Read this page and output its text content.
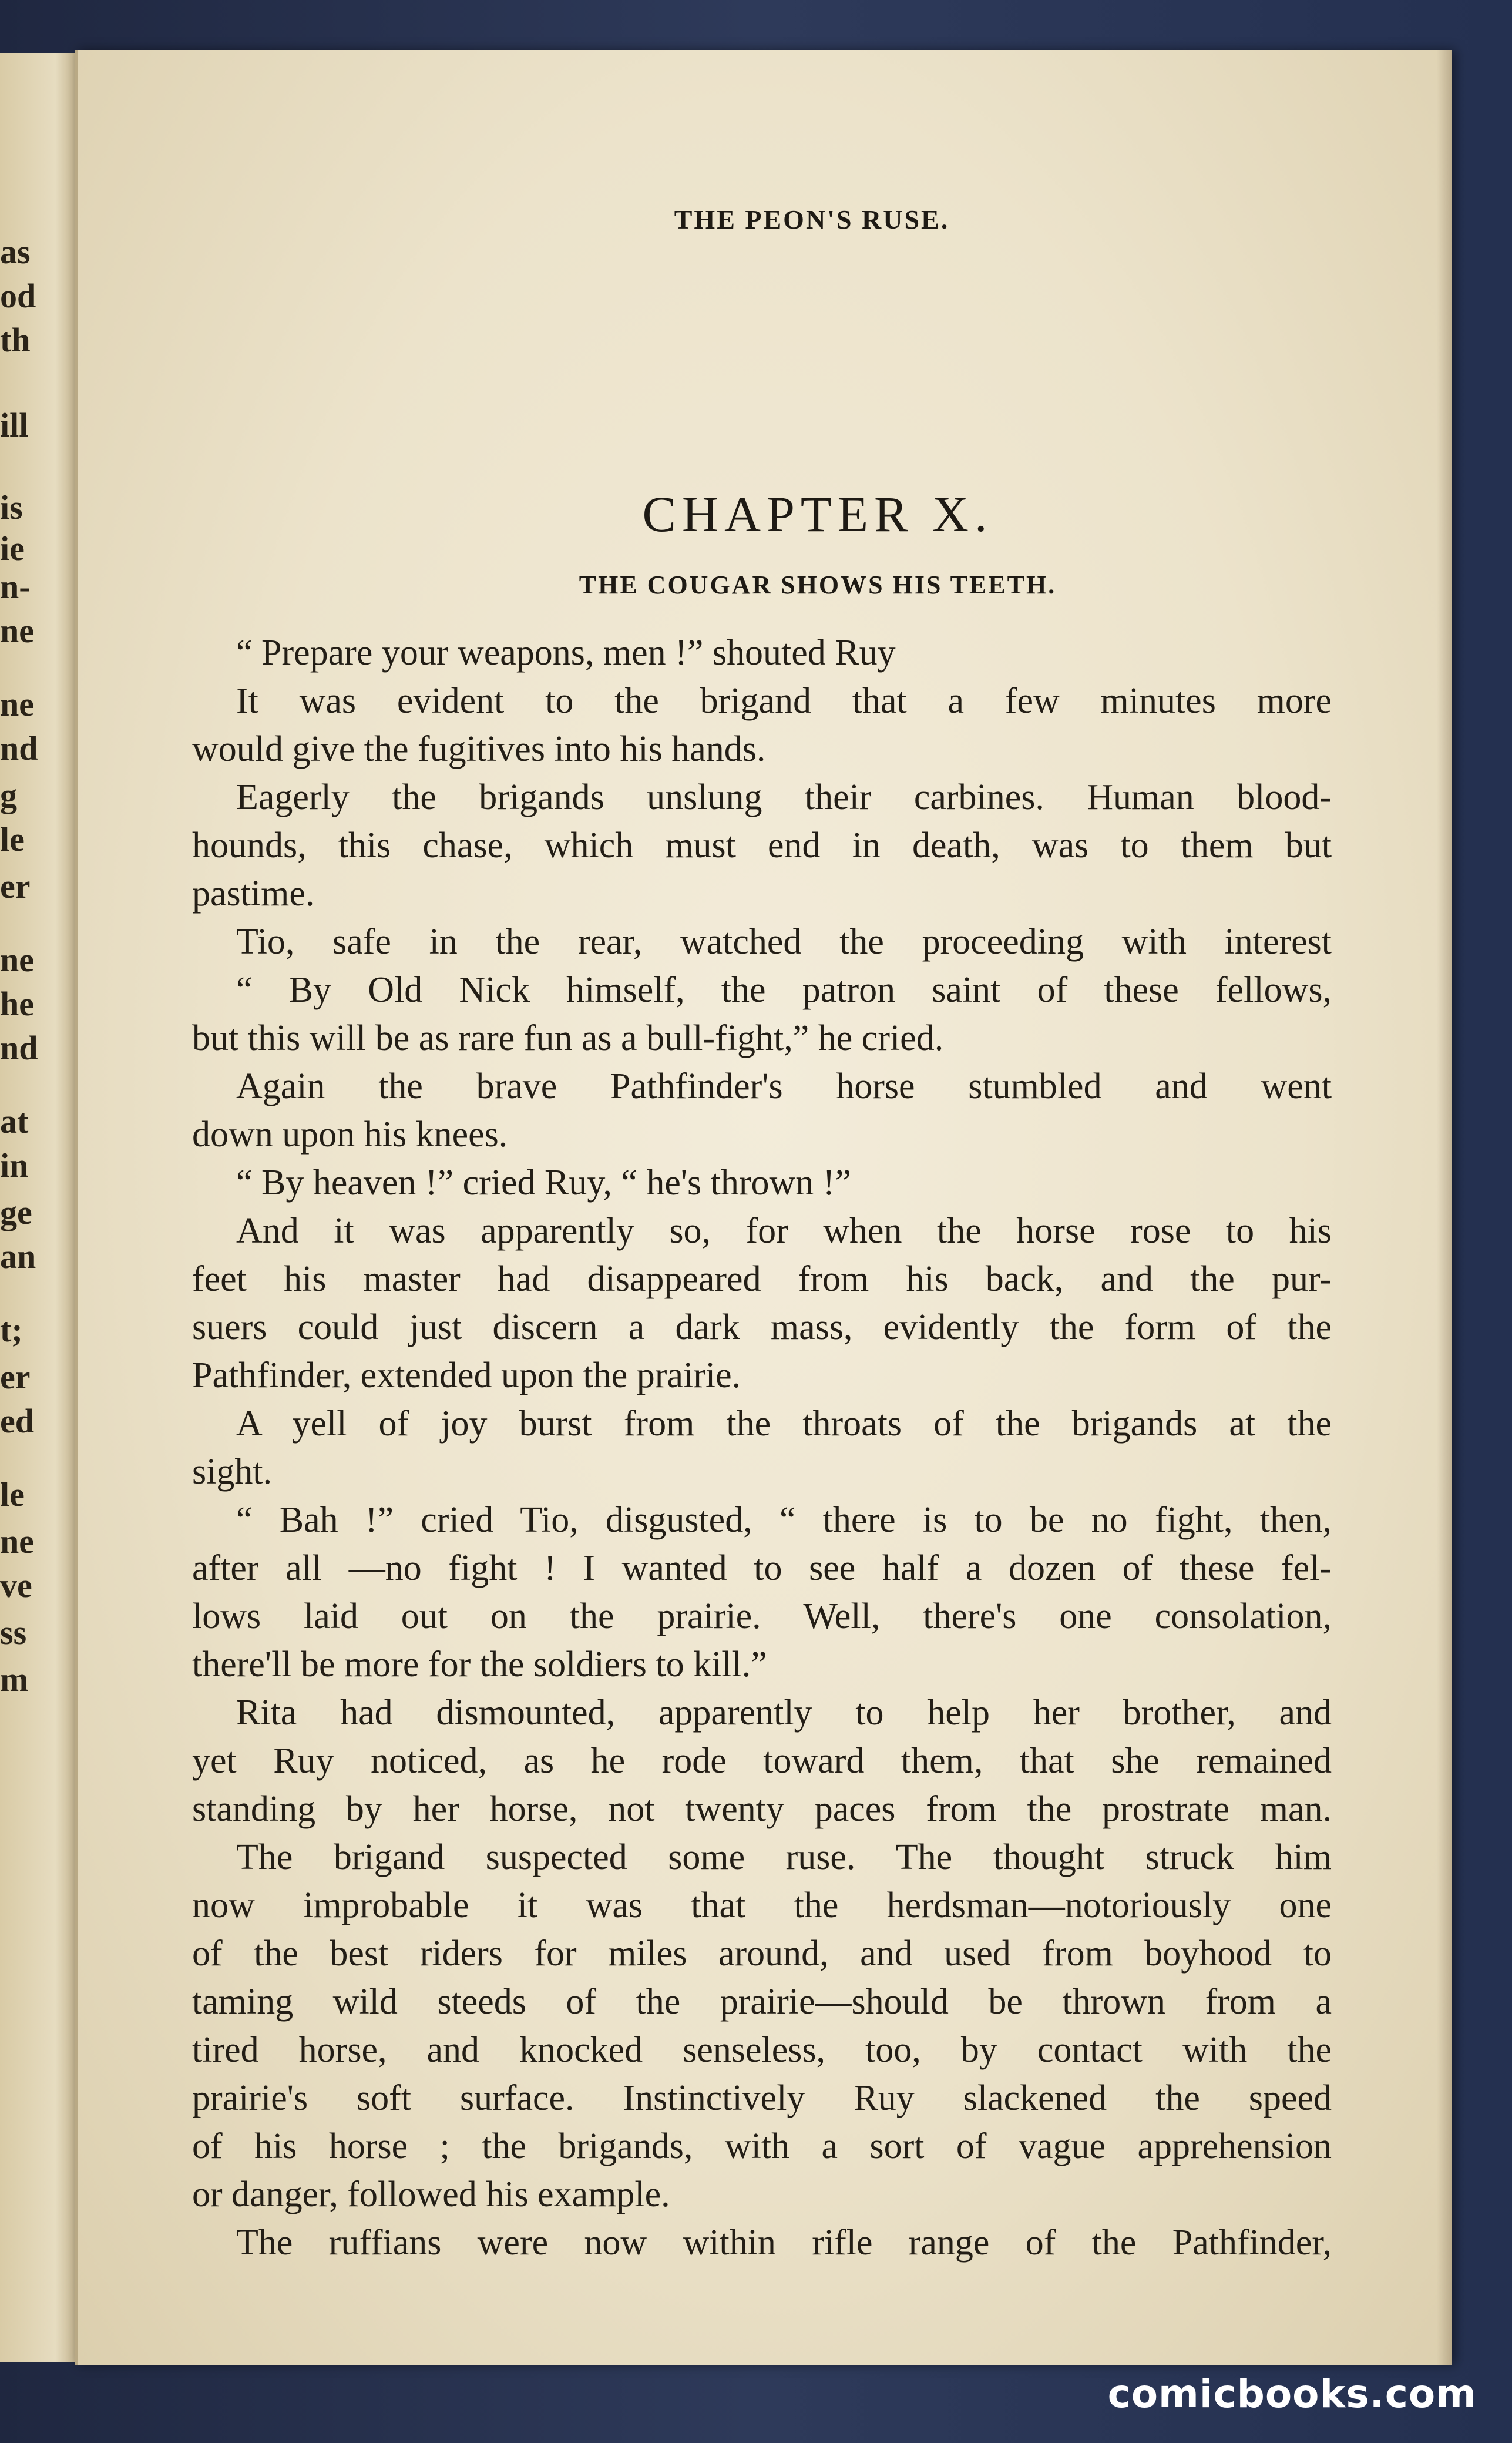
as
od
th
ill
is
ie
n-
ne
ne
nd
g
le
er
ne
he
nd
at
in
ge
an
t;
er
ed
le
ne
ve
ss
m
THE PEON'S RUSE.
CHAPTER X.
THE COUGAR SHOWS HIS TEETH.
“ Prepare your weapons, men !” shouted Ruy
It was evident to the brigand that a few minutes more
would give the fugitives into his hands.
Eagerly the brigands unslung their carbines. Human blood-
hounds, this chase, which must end in death, was to them but
pastime.
Tio, safe in the rear, watched the proceeding with interest
“ By Old Nick himself, the patron saint of these fellows,
but this will be as rare fun as a bull-fight,” he cried.
Again the brave Pathfinder's horse stumbled and went
down upon his knees.
“ By heaven !” cried Ruy, “ he's thrown !”
And it was apparently so, for when the horse rose to his
feet his master had disappeared from his back, and the pur-
suers could just discern a dark mass, evidently the form of the
Pathfinder, extended upon the prairie.
A yell of joy burst from the throats of the brigands at the
sight.
“ Bah !” cried Tio, disgusted, “ there is to be no fight, then,
after all —no fight ! I wanted to see half a dozen of these fel-
lows laid out on the prairie. Well, there's one consolation,
there'll be more for the soldiers to kill.”
Rita had dismounted, apparently to help her brother, and
yet Ruy noticed, as he rode toward them, that she remained
standing by her horse, not twenty paces from the prostrate man.
The brigand suspected some ruse. The thought struck him
now improbable it was that the herdsman—notoriously one
of the best riders for miles around, and used from boyhood to
taming wild steeds of the prairie—should be thrown from a
tired horse, and knocked senseless, too, by contact with the
prairie's soft surface. Instinctively Ruy slackened the speed
of his horse ; the brigands, with a sort of vague apprehension
or danger, followed his example.
The ruffians were now within rifle range of the Pathfinder,
comicbooks.com
